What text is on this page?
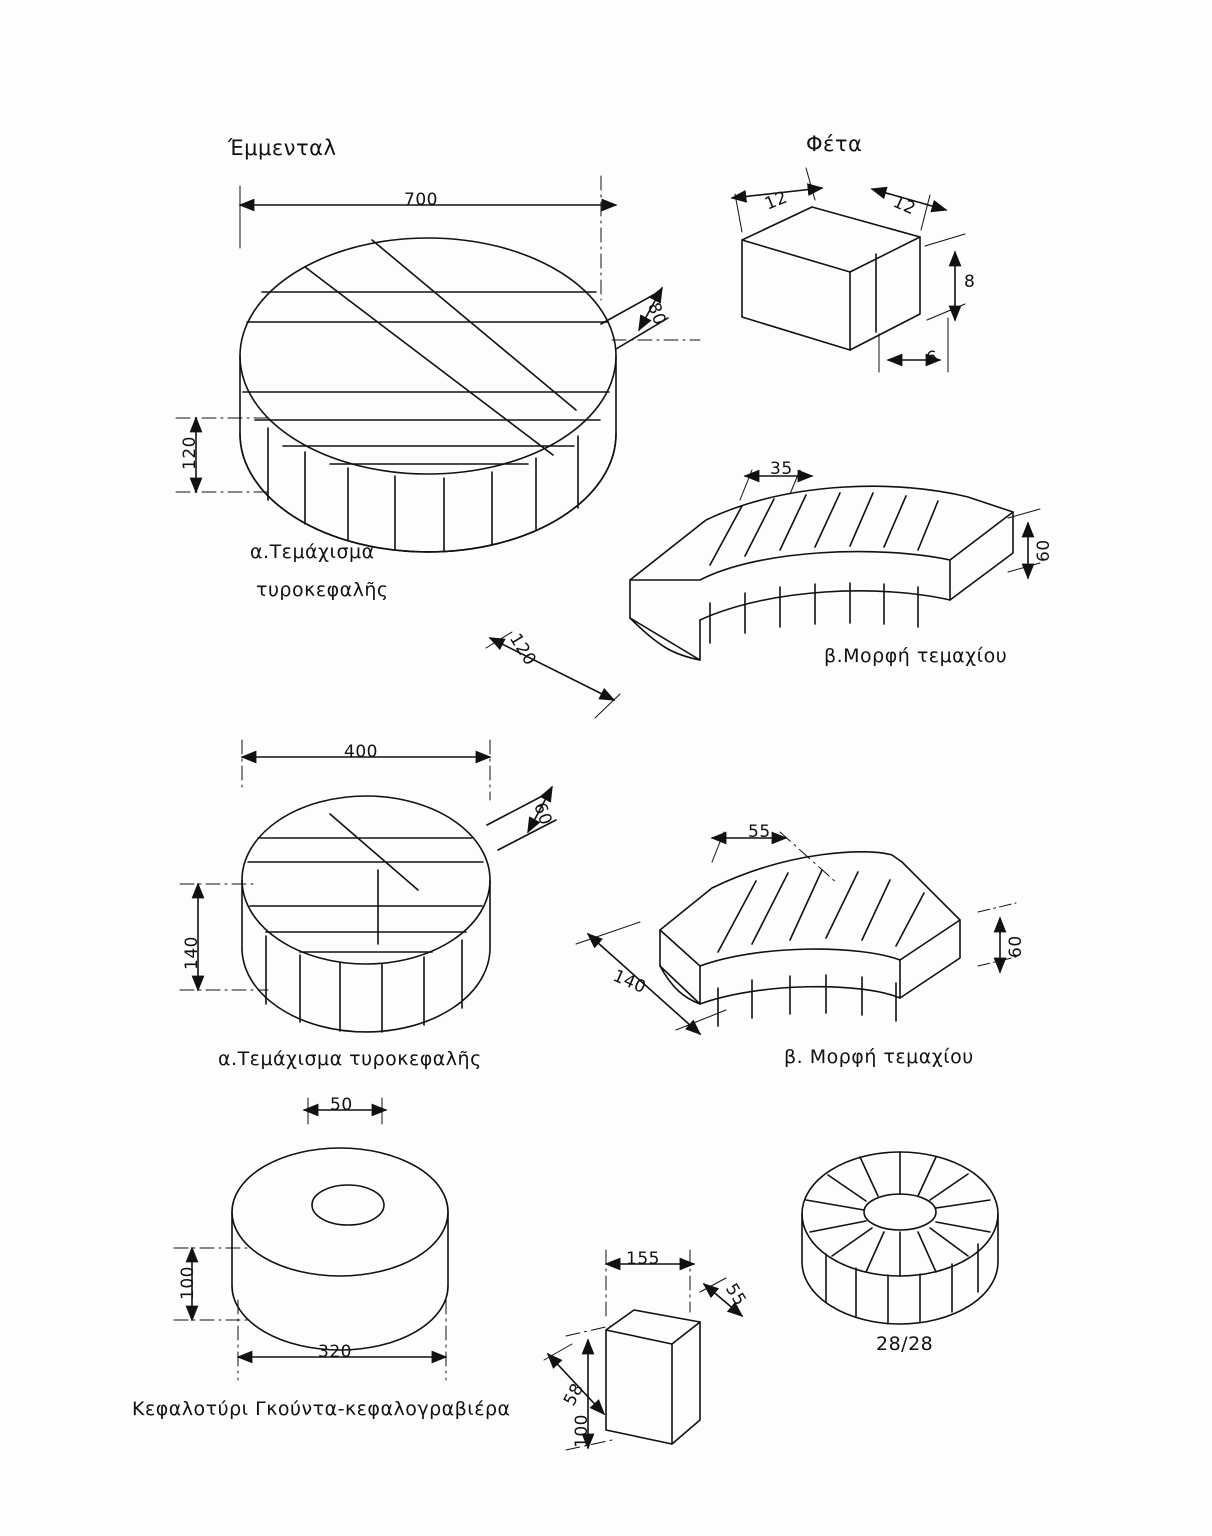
Έμμενταλ	Φέτα
α.Τεμάχισμα
τυροκεφαλῆς
β.Μορφή τεμαχίου
α.Τεμάχισμα τυροκεφαλῆς	β. Μορφή τεμαχίου
Κεφαλοτύρι Γκούντα-κεφαλογραβιέρα
28/28
700
80
120
12	12
8
6
35
60
120
400
60
140
55
60
140
50
100
320
155
55
58
100
